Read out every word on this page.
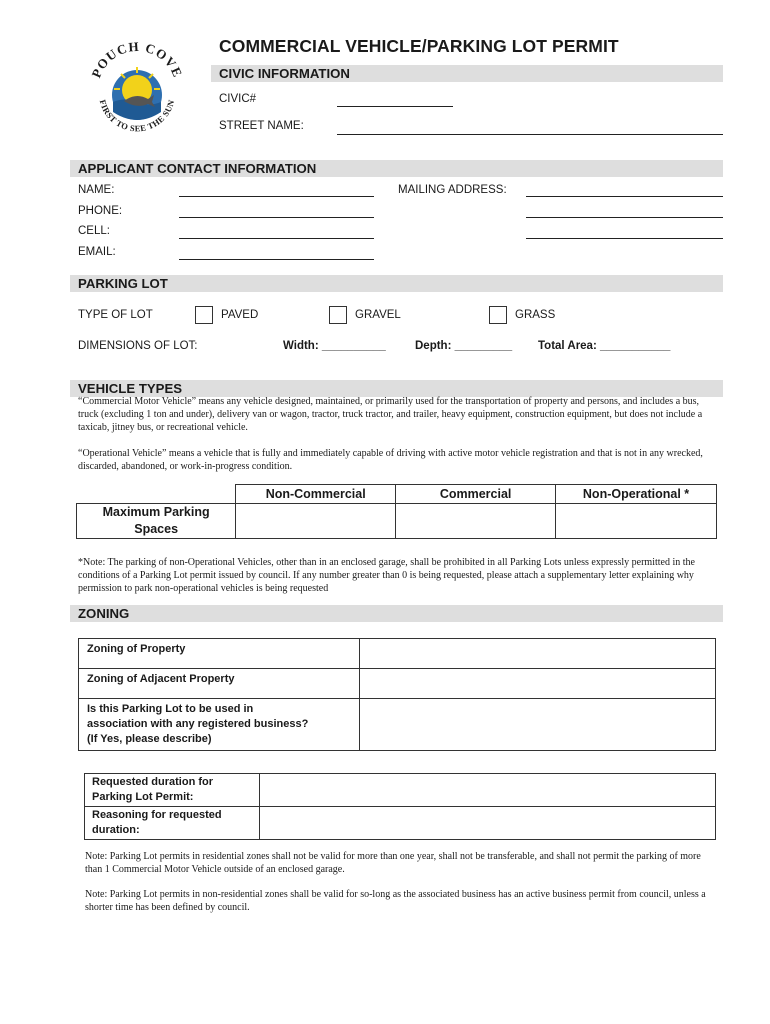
POUCH COVE
FIRST TO SEE THE SUN
COMMERCIAL VEHICLE/PARKING LOT PERMIT
CIVIC INFORMATION
CIVIC#
STREET NAME:
APPLICANT CONTACT INFORMATION
NAME:	MAILING ADDRESS:
PHONE:
CELL:
EMAIL:
PARKING LOT
TYPE OF LOT	PAVED	GRAVEL	GRASS
DIMENSIONS OF LOT:	Width: __________	Depth: _________ Total Area: ___________
VEHICLE TYPES
“Commercial Motor Vehicle” means any vehicle designed, maintained, or primarily used for the transportation of property and persons, and includes a bus, truck (excluding 1 ton and under), delivery van or wagon, tractor, truck tractor, and trailer, heavy equipment, construction equipment, but does not include a taxicab, jitney bus, or recreational vehicle.
“Operational Vehicle” means a vehicle that is fully and immediately capable of driving with active motor vehicle registration and that is not in any wrecked, discarded, abandoned, or work-in-progress condition.
	Non-Commercial	Commercial	Non-Operational *

Maximum Parking
Spaces			

*Note: The parking of non-Operational Vehicles, other than in an enclosed garage, shall be prohibited in all Parking Lots unless expressly permitted in the conditions of a Parking Lot permit issued by council. If any number greater than 0 is being requested, please attach a supplementary letter explaining why permission to park non-operational vehicles is being requested
ZONING
Zoning of Property	
Zoning of Adjacent Property	

Is this Parking Lot to be used in
association with any registered business?
(If Yes, please describe)	

Requested duration for
Parking Lot Permit:	

Reasoning for requested
duration:	

Note: Parking Lot permits in residential zones shall not be valid for more than one year, shall not be transferable, and shall not permit the parking of more than 1 Commercial Motor Vehicle outside of an enclosed garage.
Note: Parking Lot permits in non-residential zones shall be valid for so-long as the associated business has an active business permit from council, unless a shorter time has been defined by council.
